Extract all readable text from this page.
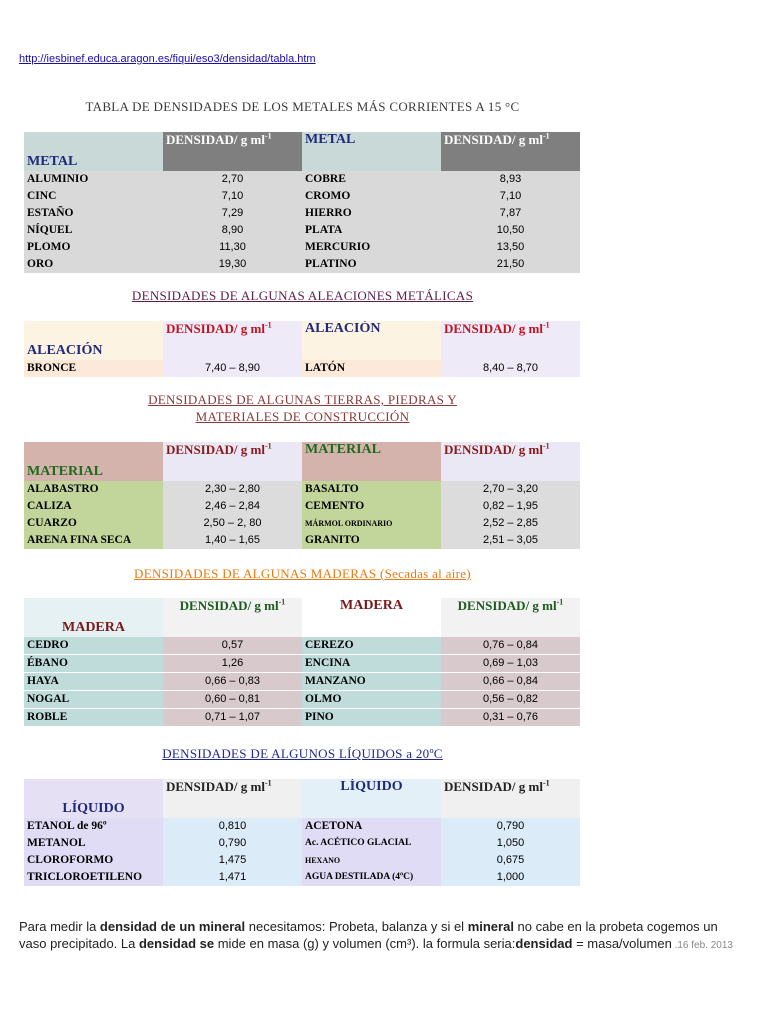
http://iesbinef.educa.aragon.es/fiqui/eso3/densidad/tabla.htm
TABLA DE DENSIDADES DE LOS METALES MÁS CORRIENTES A 15 °C
METAL	DENSIDAD/ g $ml^{-1}$	METAL	DENSIDAD/ g $ml^{-1}$
ALUMINIO	2,70	COBRE	8,93
CINC	7,10	CROMO	7,10
ESTAÑO	7,29	HIERRO	7,87
NÍQUEL	8,90	PLATA	10,50
PLOMO	11,30	MERCURIO	13,50
ORO	19,30	PLATINO	21,50
DENSIDADES DE ALGUNAS ALEACIONES METÁLICAS
ALEACIÓN	DENSIDAD/ g $ml^{-1}$	ALEACIÓN	DENSIDAD/ g $ml^{-1}$
BRONCE	7,40 – 8,90	LATÓN	8,40 – 8,70
DENSIDADES DE ALGUNAS TIERRAS, PIEDRAS Y
MATERIALES DE CONSTRUCCIÓN
MATERIAL	DENSIDAD/ g $ml^{-1}$	MATERIAL	DENSIDAD/ g $ml^{-1}$
ALABASTRO	2,30 – 2,80	BASALTO	2,70 – 3,20
CALIZA	2,46 – 2,84	CEMENTO	0,82 – 1,95
CUARZO	2,50 – 2, 80	MÁRMOL ORDINARIO	2,52 – 2,85
ARENA FINA SECA	1,40 – 1,65	GRANITO	2,51 – 3,05
DENSIDADES DE ALGUNAS MADERAS (Secadas al aire)
MADERA	DENSIDAD/ g $ml^{-1}$	MADERA	DENSIDAD/ g $ml^{-1}$
CEDRO	0,57	CEREZO	0,76 – 0,84
ÉBANO	1,26	ENCINA	0,69 – 1,03
HAYA	0,66 – 0,83	MANZANO	0,66 – 0,84
NOGAL	0,60 – 0,81	OLMO	0,56 – 0,82
ROBLE	0,71 – 1,07	PINO	0,31 – 0,76
DENSIDADES DE ALGUNOS LÍQUIDOS a 20ºC
LÍQUIDO	DENSIDAD/ g $ml^{-1}$	LÍQUIDO	DENSIDAD/ g $ml^{-1}$
ETANOL de 96º	0,810	ACETONA	0,790
METANOL	0,790	Ac. ACÉTICO GLACIAL	1,050
CLOROFORMO	1,475	HEXANO	0,675
TRICLOROETILENO	1,471	AGUA DESTILADA (4ºC)	1,000
Para medir la densidad de un mineral necesitamos: Probeta, balanza y si el mineral no cabe en la probeta cogemos un vaso precipitado. La densidad se mide en masa (g) y volumen (cm³). la formula seria:densidad = masa/volumen .16 feb. 2013
